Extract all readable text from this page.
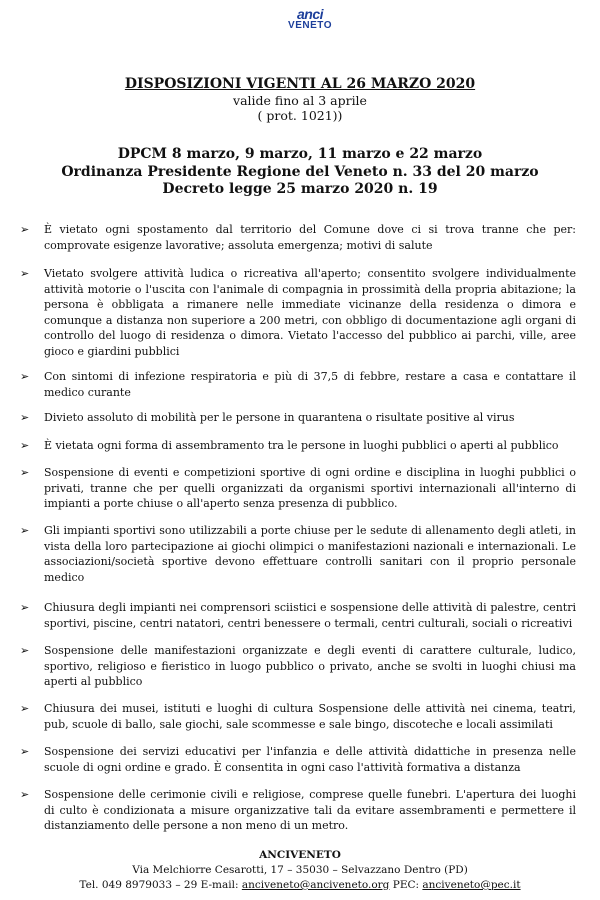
anci
VENETO
DISPOSIZIONI VIGENTI AL 26 MARZO 2020
valide fino al 3 aprile
( prot. 1021))
DPCM 8 marzo, 9 marzo, 11 marzo e 22 marzo
Ordinanza Presidente Regione del Veneto n. 33 del 20 marzo
Decreto legge 25 marzo 2020 n. 19
➢ È vietato ogni spostamento dal territorio del Comune dove ci si trova tranne che per: comprovate esigenze lavorative; assoluta emergenza; motivi di salute

➢ Vietato svolgere attività ludica o ricreativa all'aperto; consentito svolgere individualmente attività motorie o l'uscita con l'animale di compagnia in prossimità della propria abitazione; la persona è obbligata a rimanere nelle immediate vicinanze della residenza o dimora e comunque a distanza non superiore a 200 metri, con obbligo di documentazione agli organi di controllo del luogo di residenza o dimora. Vietato l'accesso del pubblico ai parchi, ville, aree gioco e giardini pubblici

➢ Con sintomi di infezione respiratoria e più di 37,5 di febbre, restare a casa e contattare il medico curante

➢ Divieto assoluto di mobilità per le persone in quarantena o risultate positive al virus

➢ È vietata ogni forma di assembramento tra le persone in luoghi pubblici o aperti al pubblico

➢ Sospensione di eventi e competizioni sportive di ogni ordine e disciplina in luoghi pubblici o privati, tranne che per quelli organizzati da organismi sportivi internazionali all'interno di impianti a porte chiuse o all'aperto senza presenza di pubblico.

➢ Gli impianti sportivi sono utilizzabili a porte chiuse per le sedute di allenamento degli atleti, in vista della loro partecipazione ai giochi olimpici o manifestazioni nazionali e internazionali. Le associazioni/società sportive devono effettuare controlli sanitari con il proprio personale medico

➢ Chiusura degli impianti nei comprensori sciistici e sospensione delle attività di palestre, centri sportivi, piscine, centri natatori, centri benessere o termali, centri culturali, sociali o ricreativi

➢ Sospensione delle manifestazioni organizzate e degli eventi di carattere culturale, ludico, sportivo, religioso e fieristico in luogo pubblico o privato, anche se svolti in luoghi chiusi ma aperti al pubblico

➢ Chiusura dei musei, istituti e luoghi di cultura Sospensione delle attività nei cinema, teatri, pub, scuole di ballo, sale giochi, sale scommesse e sale bingo, discoteche e locali assimilati

➢ Sospensione dei servizi educativi per l'infanzia e delle attività didattiche in presenza nelle scuole di ogni ordine e grado. È consentita in ogni caso l'attività formativa a distanza

➢ Sospensione delle cerimonie civili e religiose, comprese quelle funebri. L'apertura dei luoghi di culto è condizionata a misure organizzative tali da evitare assembramenti e permettere il distanziamento delle persone a non meno di un metro.

ANCIVENETO
Via Melchiorre Cesarotti, 17 – 35030 – Selvazzano Dentro (PD)
Tel. 049 8979033 – 29 E-mail: anciveneto@anciveneto.org PEC: anciveneto@pec.it
